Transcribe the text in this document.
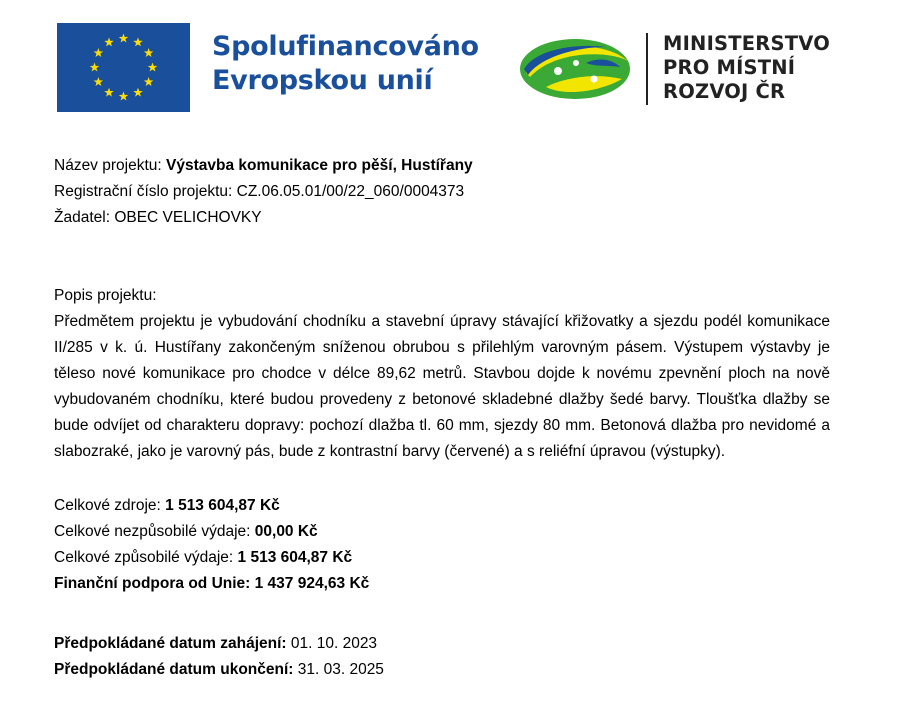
Spolufinancováno
Evropskou unií
MINISTERSTVO
PRO MÍSTNÍ
ROZVOJ ČR
Název projektu: Výstavba komunikace pro pěší, Hustířany
Registrační číslo projektu: CZ.06.05.01/00/22_060/0004373
Žadatel: OBEC VELICHOVKY
Popis projektu:
Předmětem projektu je vybudování chodníku a stavební úpravy stávající křižovatky a sjezdu podél komunikace II/285 v k. ú. Hustířany zakončeným sníženou obrubou s přilehlým varovným pásem. Výstupem výstavby je těleso nové komunikace pro chodce v délce 89,62 metrů. Stavbou dojde k novému zpevnění ploch na nově vybudovaném chodníku, které budou provedeny z betonové skladebné dlažby šedé barvy. Tloušťka dlažby se bude odvíjet od charakteru dopravy: pochozí dlažba tl. 60 mm, sjezdy 80 mm. Betonová dlažba pro nevidomé a slabozraké, jako je varovný pás, bude z kontrastní barvy (červené) a s reliéfní úpravou (výstupky).
Celkové zdroje: 1 513 604,87 Kč
Celkové nezpůsobilé výdaje: 00,00 Kč
Celkové způsobilé výdaje: 1 513 604,87 Kč
Finanční podpora od Unie: 1 437 924,63 Kč
Předpokládané datum zahájení: 01. 10. 2023
Předpokládané datum ukončení: 31. 03. 2025
